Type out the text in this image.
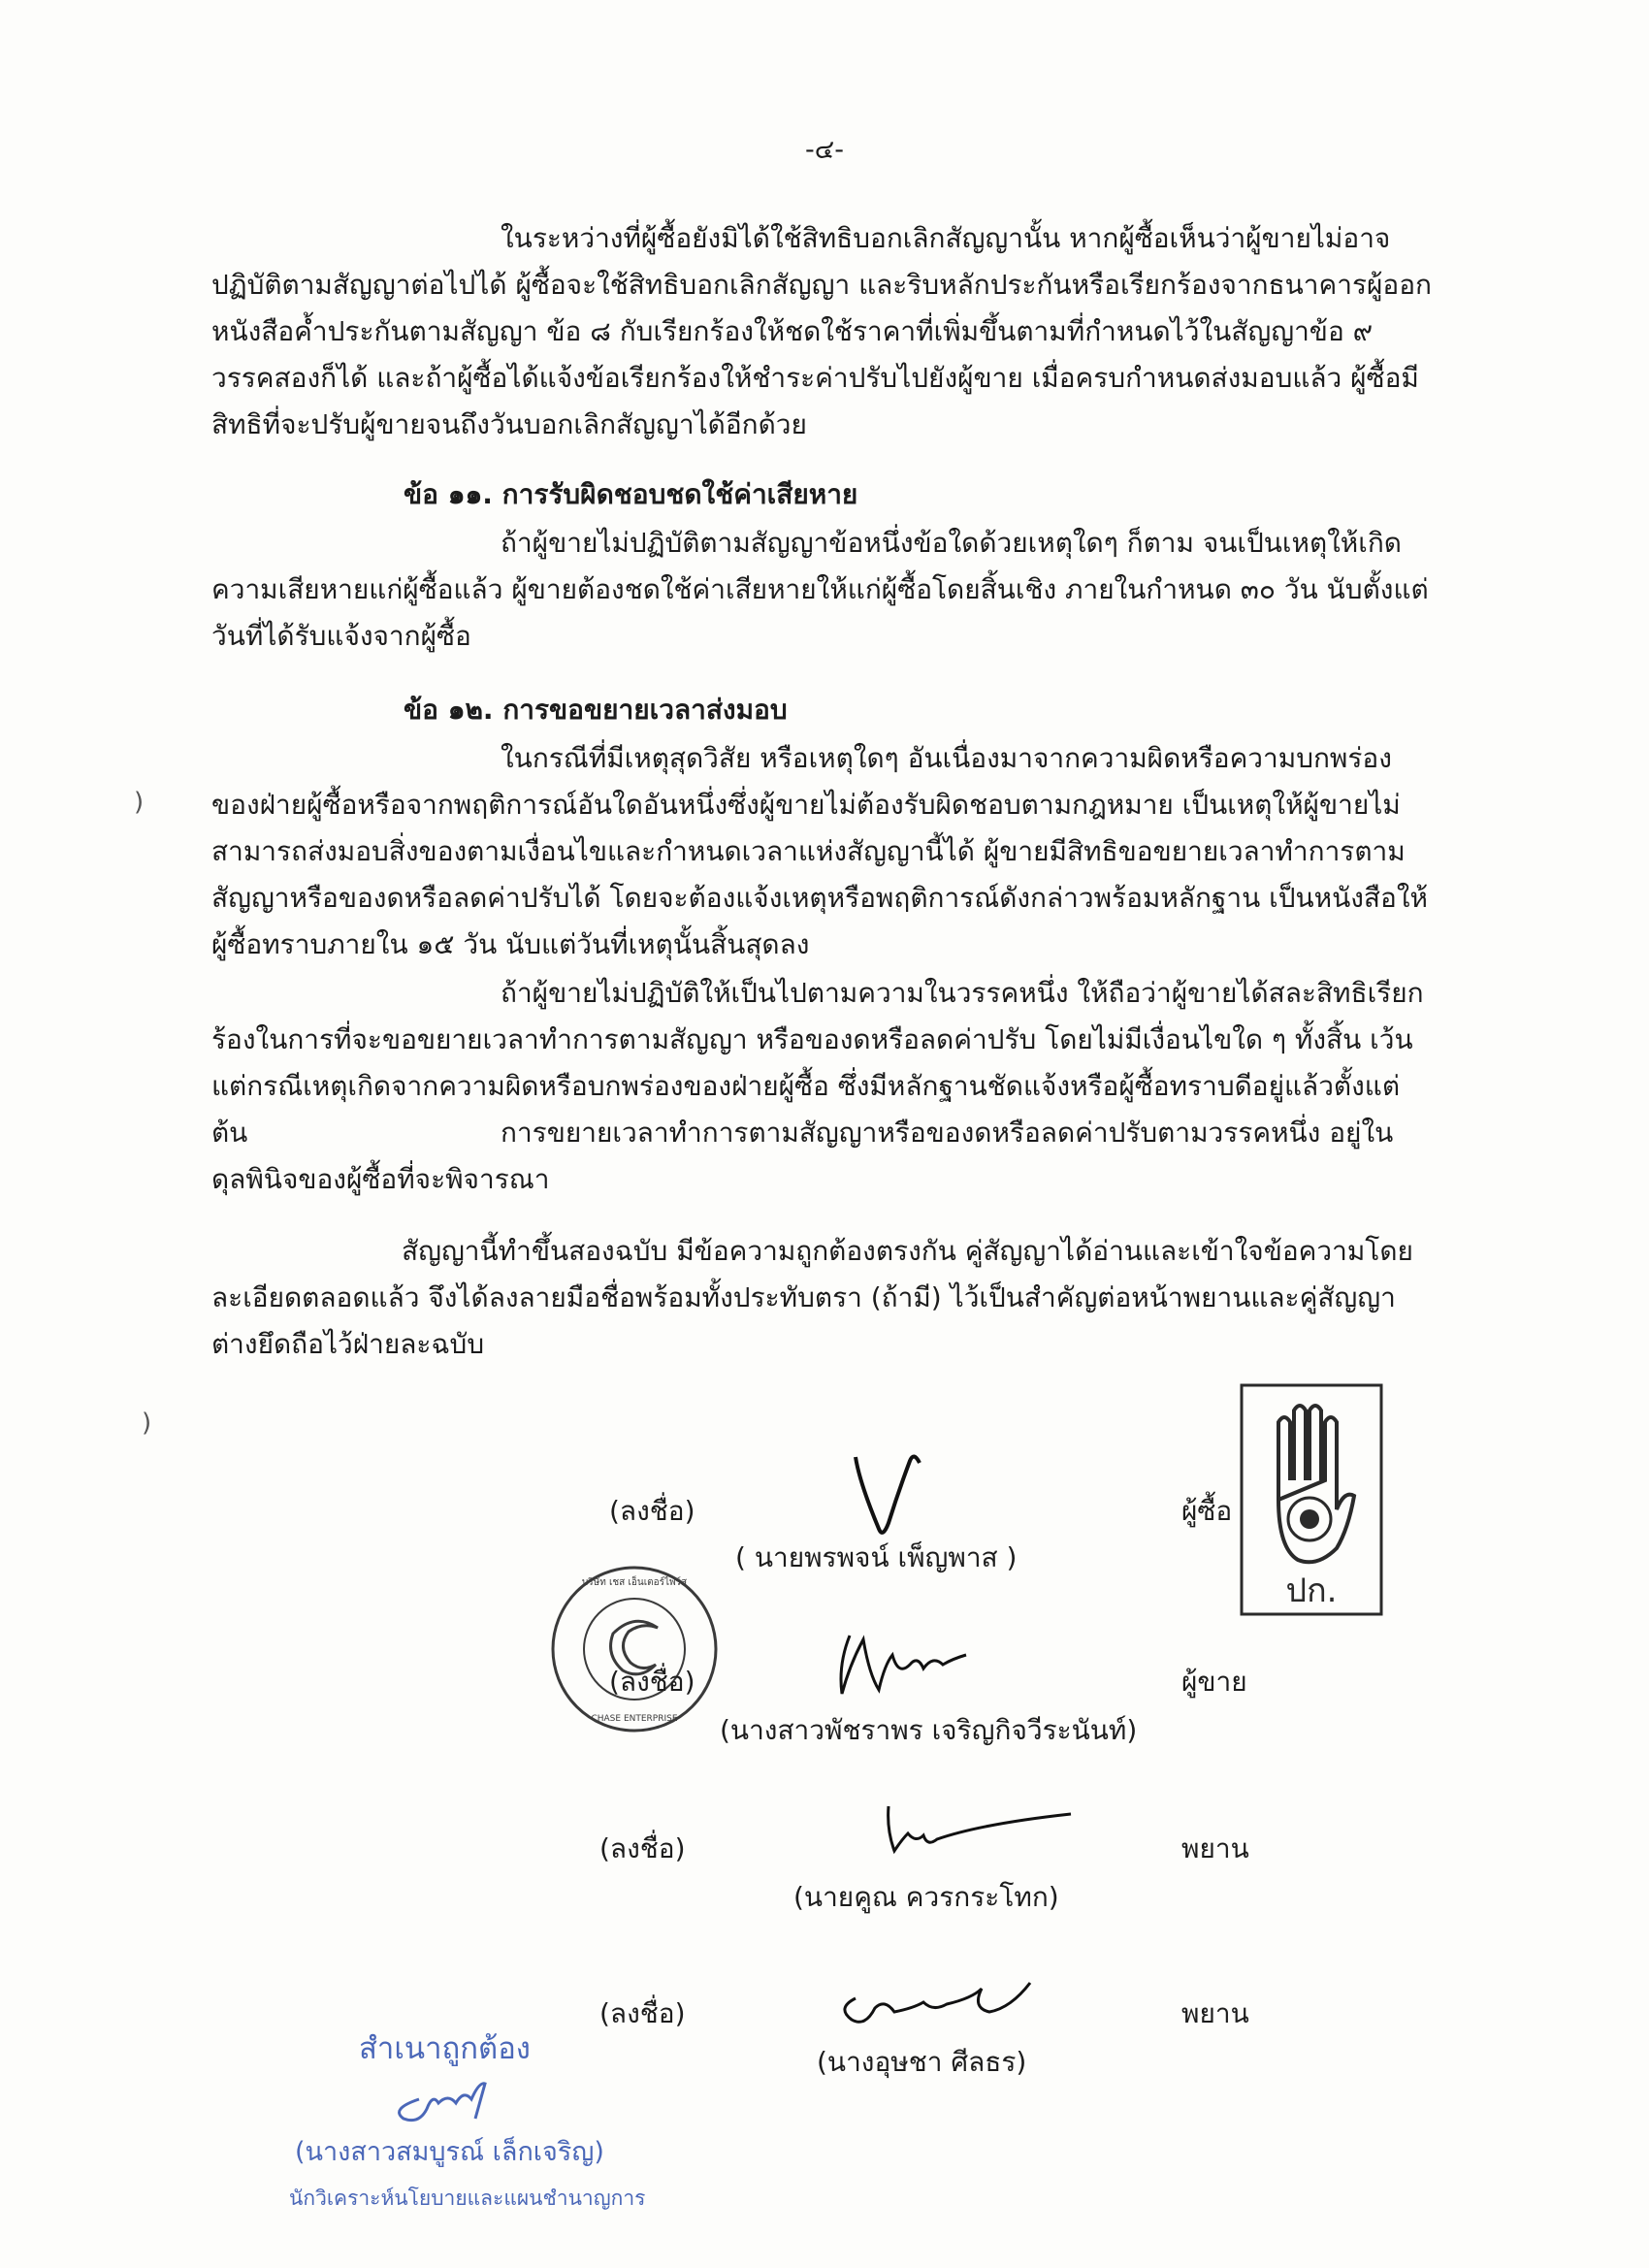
-๔-
ในระหว่างที่ผู้ซื้อยังมิได้ใช้สิทธิบอกเลิกสัญญานั้น หากผู้ซื้อเห็นว่าผู้ขายไม่อาจปฏิบัติตามสัญญาต่อไปได้ ผู้ซื้อจะใช้สิทธิบอกเลิกสัญญา และริบหลักประกันหรือเรียกร้องจากธนาคารผู้ออกหนังสือค้ำประกันตามสัญญา ข้อ ๘ กับเรียกร้องให้ชดใช้ราคาที่เพิ่มขึ้นตามที่กำหนดไว้ในสัญญาข้อ ๙ วรรคสองก็ได้ และถ้าผู้ซื้อได้แจ้งข้อเรียกร้องให้ชำระค่าปรับไปยังผู้ขาย เมื่อครบกำหนดส่งมอบแล้ว ผู้ซื้อมีสิทธิที่จะปรับผู้ขายจนถึงวันบอกเลิกสัญญาได้อีกด้วย
ข้อ ๑๑. การรับผิดชอบชดใช้ค่าเสียหาย
ถ้าผู้ขายไม่ปฏิบัติตามสัญญาข้อหนึ่งข้อใดด้วยเหตุใดๆ ก็ตาม จนเป็นเหตุให้เกิดความเสียหายแก่ผู้ซื้อแล้ว ผู้ขายต้องชดใช้ค่าเสียหายให้แก่ผู้ซื้อโดยสิ้นเชิง ภายในกำหนด ๓๐ วัน นับตั้งแต่วันที่ได้รับแจ้งจากผู้ซื้อ
ข้อ ๑๒. การขอขยายเวลาส่งมอบ
ในกรณีที่มีเหตุสุดวิสัย หรือเหตุใดๆ อันเนื่องมาจากความผิดหรือความบกพร่องของฝ่ายผู้ซื้อหรือจากพฤติการณ์อันใดอันหนึ่งซึ่งผู้ขายไม่ต้องรับผิดชอบตามกฎหมาย เป็นเหตุให้ผู้ขายไม่สามารถส่งมอบสิ่งของตามเงื่อนไขและกำหนดเวลาแห่งสัญญานี้ได้ ผู้ขายมีสิทธิขอขยายเวลาทำการตามสัญญาหรือของดหรือลดค่าปรับได้ โดยจะต้องแจ้งเหตุหรือพฤติการณ์ดังกล่าวพร้อมหลักฐาน เป็นหนังสือให้ผู้ซื้อทราบภายใน ๑๕ วัน นับแต่วันที่เหตุนั้นสิ้นสุดลง
ถ้าผู้ขายไม่ปฏิบัติให้เป็นไปตามความในวรรคหนึ่ง ให้ถือว่าผู้ขายได้สละสิทธิเรียกร้องในการที่จะขอขยายเวลาทำการตามสัญญา หรือของดหรือลดค่าปรับ โดยไม่มีเงื่อนไขใด ๆ ทั้งสิ้น เว้นแต่กรณีเหตุเกิดจากความผิดหรือบกพร่องของฝ่ายผู้ซื้อ ซึ่งมีหลักฐานชัดแจ้งหรือผู้ซื้อทราบดีอยู่แล้วตั้งแต่ต้น	การขยายเวลาทำการตามสัญญาหรือของดหรือลดค่าปรับตามวรรคหนึ่ง อยู่ในดุลพินิจของผู้ซื้อที่จะพิจารณา
สัญญานี้ทำขึ้นสองฉบับ มีข้อความถูกต้องตรงกัน คู่สัญญาได้อ่านและเข้าใจข้อความโดยละเอียดตลอดแล้ว จึงได้ลงลายมือชื่อพร้อมทั้งประทับตรา (ถ้ามี) ไว้เป็นสำคัญต่อหน้าพยานและคู่สัญญาต่างยึดถือไว้ฝ่ายละฉบับ
)
)
ปก.
(ลงชื่อ)
( นายพรพจน์ เพ็ญพาส )
ผู้ซื้อ
บริษัท เชส เอ็นเตอร์ไพร์ส
CHASE ENTERPRISE
(ลงชื่อ)
(นางสาวพัชราพร เจริญกิจวีระนันท์)
ผู้ขาย
(ลงชื่อ)
(นายคูณ ควรกระโทก)
พยาน
(ลงชื่อ)
(นางอุษชา ศีลธร)
พยาน
สำเนาถูกต้อง
(นางสาวสมบูรณ์ เล็กเจริญ)
นักวิเคราะห์นโยบายและแผนชำนาญการ
